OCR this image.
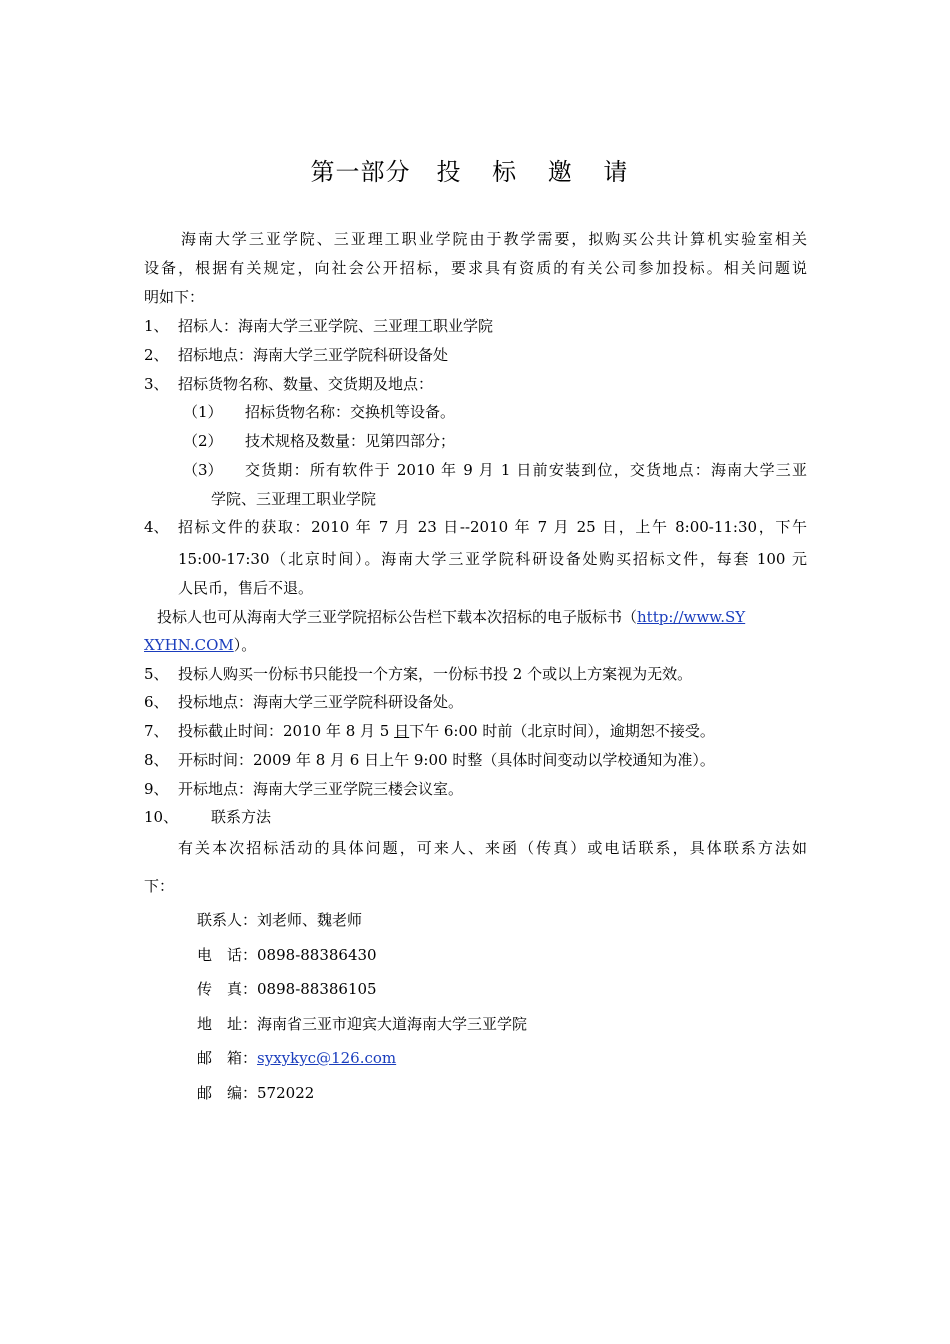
第一部分 投 标 邀 请
海南大学三亚学院、三亚理工职业学院由于教学需要，拟购买公共计算机实验室相关
设备，根据有关规定，向社会公开招标，要求具有资质的有关公司参加投标。相关问题说
明如下：
1、 招标人：海南大学三亚学院、三亚理工职业学院
2、 招标地点：海南大学三亚学院科研设备处
3、 招标货物名称、数量、交货期及地点：
（1） 招标货物名称：交换机等设备。
（2） 技术规格及数量：见第四部分；
（3） 交货期：所有软件于 2010 年 9 月 1 日前安装到位，交货地点：海南大学三亚
学院、三亚理工职业学院
4、 招标文件的获取：2010 年 7 月 23 日--2010 年 7 月 25 日，上午 8:00-11:30，下午
15:00-17:30（北京时间）。海南大学三亚学院科研设备处购买招标文件，每套 100 元
人民币，售后不退。
投标人也可从海南大学三亚学院招标公告栏下载本次招标的电子版标书（http://www.SY
XYHN.COM）。
5、 投标人购买一份标书只能投一个方案，一份标书投 2 个或以上方案视为无效。
6、 投标地点：海南大学三亚学院科研设备处。
7、 投标截止时间：2010 年 8 月 5 日下午 6:00 时前（北京时间），逾期恕不接受。
8、 开标时间：2009 年 8 月 6 日上午 9:00 时整（具体时间变动以学校通知为准）。
9、 开标地点：海南大学三亚学院三楼会议室。
10、 联系方法
有关本次招标活动的具体问题，可来人、来函（传真）或电话联系，具体联系方法如
下：
联系人：刘老师、魏老师
电　话：0898-88386430
传　真：0898-88386105
地　址：海南省三亚市迎宾大道海南大学三亚学院
邮　箱：syxykyc@126.com
邮　编：572022
